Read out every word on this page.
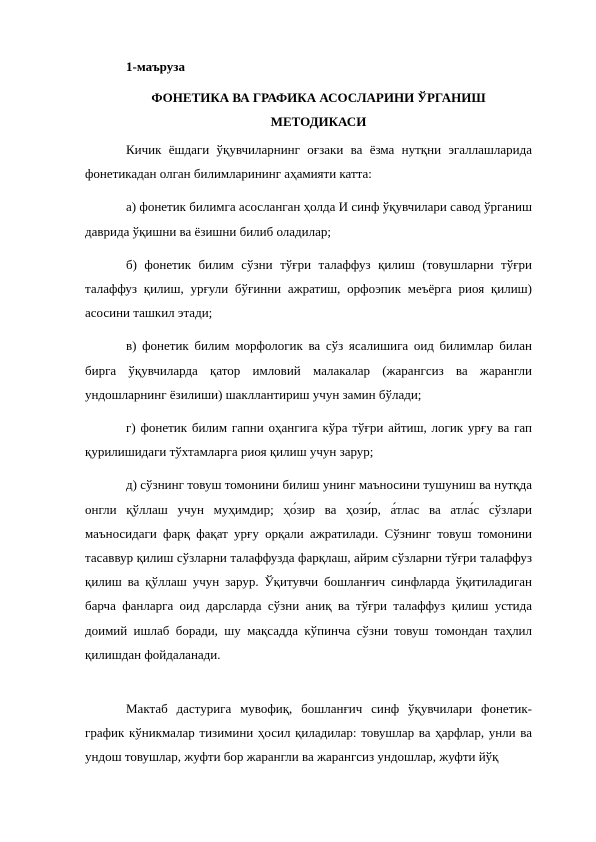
1-маъруза
ФОНЕТИКА ВА ГРАФИКА АСОСЛАРИНИ ЎРГАНИШ
МЕТОДИКАСИ

Кичик ёшдаги ўқувчиларнинг оғзаки ва ёзма нутқни эгаллашларида фонетикадан олган билимларининг аҳамияти катта:

а) фонетик билимга асосланган ҳолда И синф ўқувчилари савод ўрганиш даврида ўқишни ва ёзишни билиб оладилар;

б) фонетик билим сўзни тўғри талаффуз қилиш (товушларни тўғри талаффуз қилиш, урғули бўғинни ажратиш, орфоэпик меъёрга риоя қилиш) асосини ташкил этади;

в) фонетик билим морфологик ва сўз ясалишига оид билимлар билан бирга ўқувчиларда қатор имловий малакалар (жарангсиз ва жарангли ундошларнинг ёзилиши) шакллантириш учун замин бўлади;

г) фонетик билим гапни оҳангига кўра тўғри айтиш, логик урғу ва гап қурилишидаги тўхтамларга риоя қилиш учун зарур;

д) сўзнинг товуш томонини билиш унинг маъносини тушуниш ва нутқда онгли қўллаш учун муҳимдир; ҳо́зир ва ҳози́р, а́тлас ва атла́с сўзлари маъносидаги фарқ фақат урғу орқали ажратилади. Сўзнинг товуш томонини тасаввур қилиш сўзларни талаффузда фарқлаш, айрим сўзларни тўғри талаффуз қилиш ва қўллаш учун зарур. Ўқитувчи бошланғич синфларда ўқитиладиган барча фанларга оид дарсларда сўзни аниқ ва тўғри талаффуз қилиш устида доимий ишлаб боради, шу мақсадда кўпинча сўзни товуш томондан таҳлил қилишдан фойдаланади.

Мактаб дастурига мувофиқ, бошланғич синф ўқувчилари фонетик-график кўникмалар тизимини ҳосил қиладилар: товушлар ва ҳарфлар, унли ва ундош товушлар, жуфти бор жарангли ва жарангсиз ундошлар, жуфти йўқ
